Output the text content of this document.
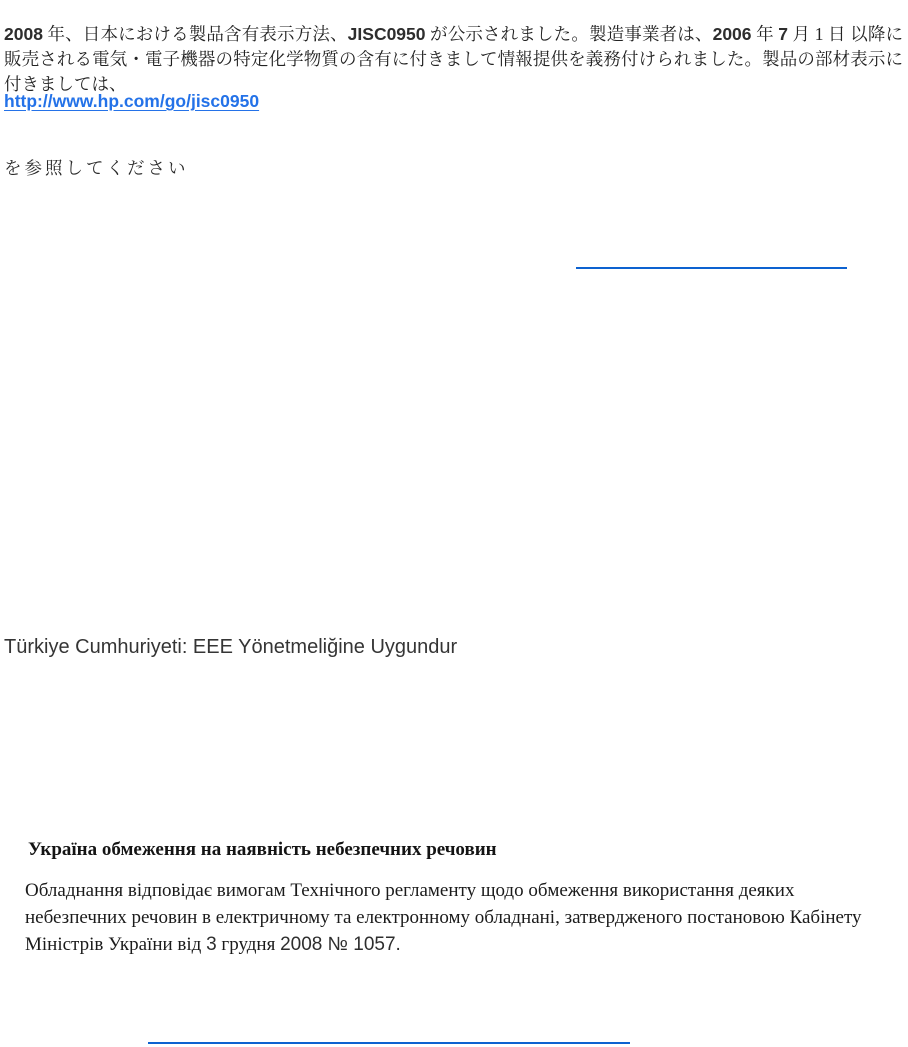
2008 年、日本における製品含有表示方法、JISC0950 が公示されました。製造事業者は、2006 年 7 月 1 日 以降に販売される電気・電子機器の特定化学物質の含有に付きまして情報提供を義務付けられました。製品の部材表示に付きましては、

http://www.hp.com/go/jisc0950

を参照してください

Türkiye Cumhuriyeti: EEE Yönetmeliğine Uygundur

Україна обмеження на наявність небезпечних речовин

Обладнання відповідає вимогам Технічного регламенту щодо обмеження використання деяких небезпечних речовин в електричному та електронному обладнані, затвердженого постановою Кабінету Міністрів України від 3 грудня 2008 № 1057.
